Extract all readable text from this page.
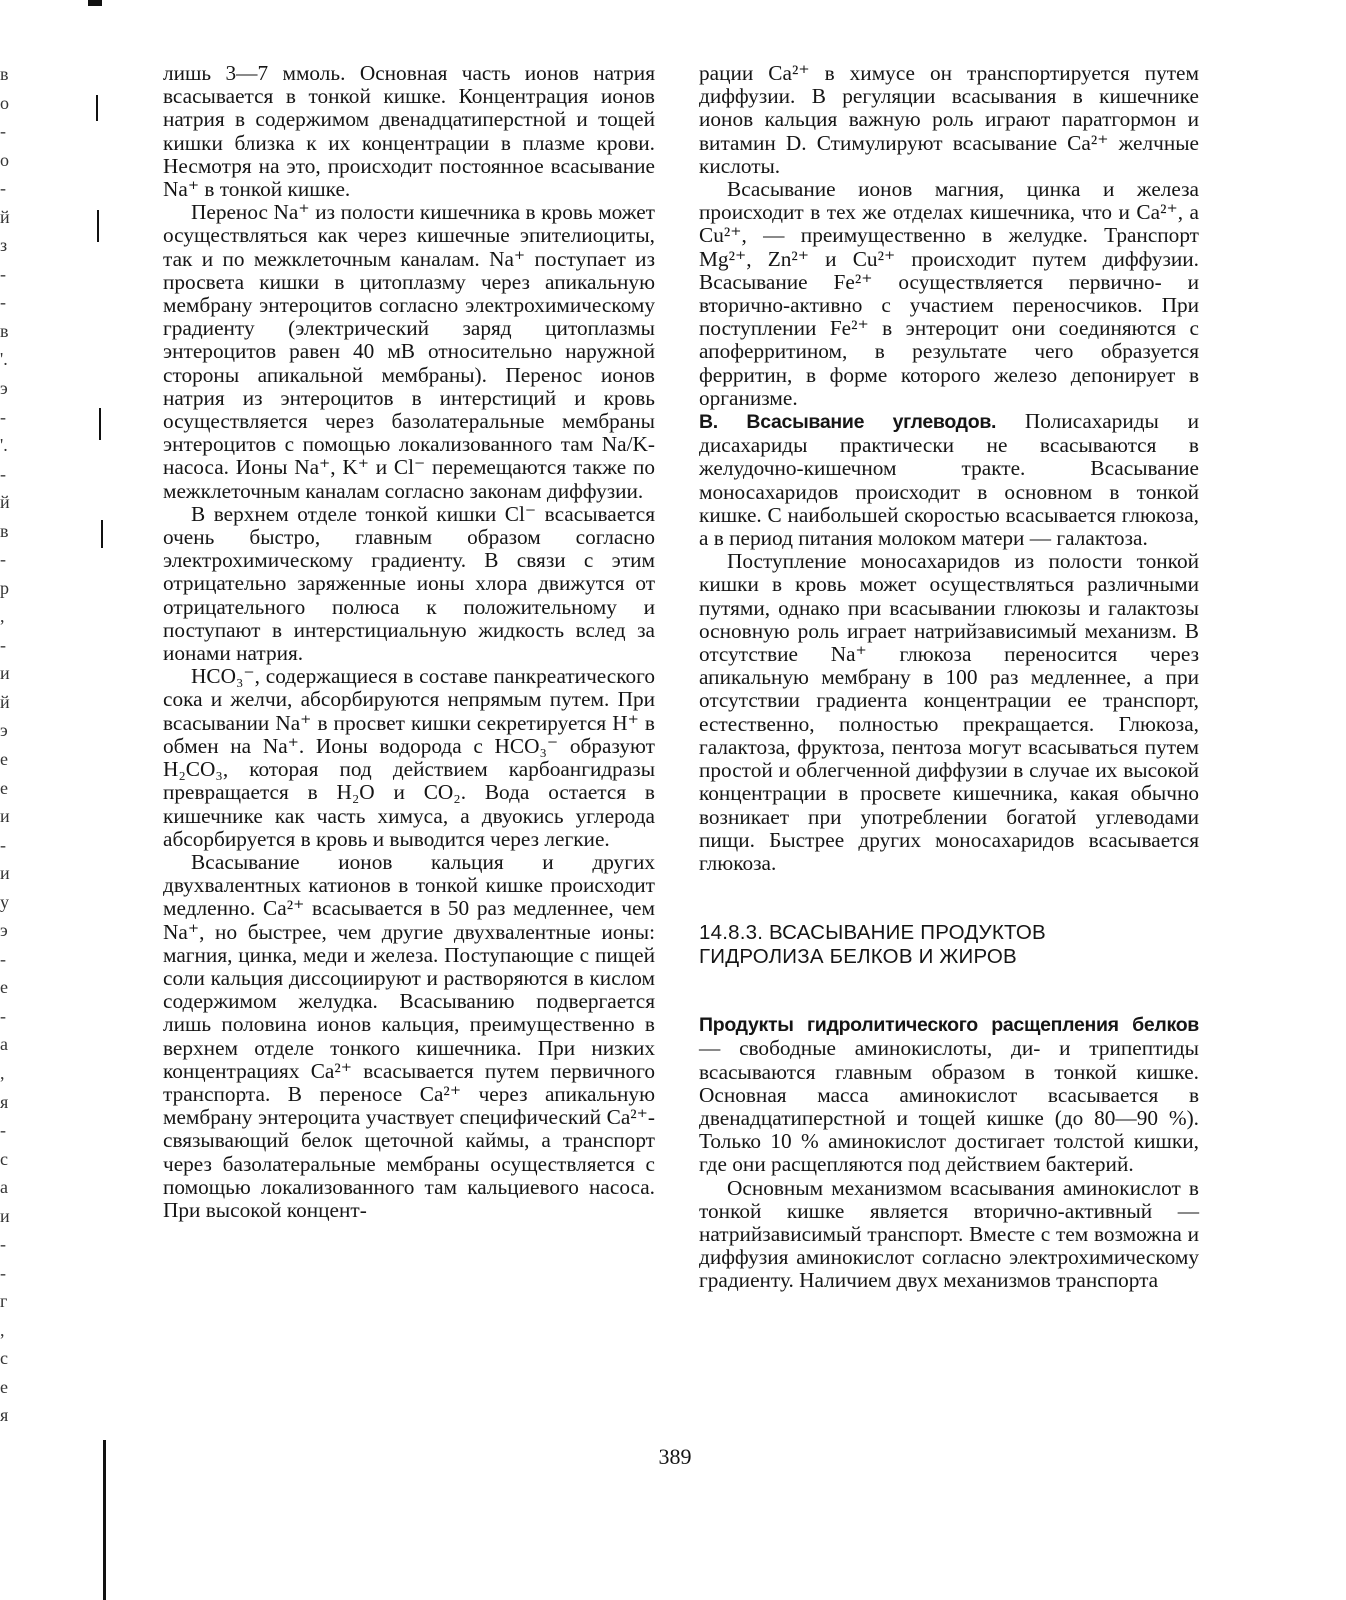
в
о
-
о
-
й
з
-
-
в
'.
э
-
'.
-
й
в
-
р
,
-
и
й
э
е
е
и
-
и
у
э
-
е
-
а
,
я
-
с
а
и
-
-
г
,
с
е
я

лишь 3—7 ммоль. Основная часть ионов натрия всасывается в тонкой кишке. Концентрация ионов натрия в содержимом двенадцатиперстной и тощей кишки близка к их концентрации в плазме крови. Несмотря на это, происходит постоянное всасывание Na⁺ в тонкой кишке.

Перенос Na⁺ из полости кишечника в кровь может осуществляться как через кишечные эпителиоциты, так и по межклеточным каналам. Na⁺ поступает из просвета кишки в цитоплазму через апикальную мембрану энтероцитов согласно электрохимическому градиенту (электрический заряд цитоплазмы энтероцитов равен 40 мВ относительно наружной стороны апикальной мембраны). Перенос ионов натрия из энтероцитов в интерстиций и кровь осуществляется через базолатеральные мембраны энтероцитов с помощью локализованного там Na/K-насоса. Ионы Na⁺, K⁺ и Cl⁻ перемещаются также по межклеточным каналам согласно законам диффузии.

В верхнем отделе тонкой кишки Cl⁻ всасывается очень быстро, главным образом согласно электрохимическому градиенту. В связи с этим отрицательно заряженные ионы хлора движутся от отрицательного полюса к положительному и поступают в интерстициальную жидкость вслед за ионами натрия.

HCO₃⁻, содержащиеся в составе панкреатического сока и желчи, абсорбируются непрямым путем. При всасывании Na⁺ в просвет кишки секретируется H⁺ в обмен на Na⁺. Ионы водорода с HCO₃⁻ образуют H₂CO₃, которая под действием карбоангидразы превращается в H₂O и CO₂. Вода остается в кишечнике как часть химуса, а двуокись углерода абсорбируется в кровь и выводится через легкие.

Всасывание ионов кальция и других двухвалентных катионов в тонкой кишке происходит медленно. Ca²⁺ всасывается в 50 раз медленнее, чем Na⁺, но быстрее, чем другие двухвалентные ионы: магния, цинка, меди и железа. Поступающие с пищей соли кальция диссоциируют и растворяются в кислом содержимом желудка. Всасыванию подвергается лишь половина ионов кальция, преимущественно в верхнем отделе тонкого кишечника. При низких концентрациях Ca²⁺ всасывается путем первичного транспорта. В переносе Ca²⁺ через апикальную мембрану энтероцита участвует специфический Ca²⁺-связывающий белок щеточной каймы, а транспорт через базолатеральные мембраны осуществляется с помощью локализованного там кальциевого насоса. При высокой концент-

рации Ca²⁺ в химусе он транспортируется путем диффузии. В регуляции всасывания в кишечнике ионов кальция важную роль играют паратгормон и витамин D. Стимулируют всасывание Ca²⁺ желчные кислоты.

Всасывание ионов магния, цинка и железа происходит в тех же отделах кишечника, что и Ca²⁺, а Cu²⁺, — преимущественно в желудке. Транспорт Mg²⁺, Zn²⁺ и Cu²⁺ происходит путем диффузии. Всасывание Fe²⁺ осуществляется первично- и вторично-активно с участием переносчиков. При поступлении Fe²⁺ в энтероцит они соединяются с апоферритином, в результате чего образуется ферритин, в форме которого железо депонирует в организме.

В. Всасывание углеводов. Полисахариды и дисахариды практически не всасываются в желудочно-кишечном тракте. Всасывание моносахаридов происходит в основном в тонкой кишке. С наибольшей скоростью всасывается глюкоза, а в период питания молоком матери — галактоза.

Поступление моносахаридов из полости тонкой кишки в кровь может осуществляться различными путями, однако при всасывании глюкозы и галактозы основную роль играет натрийзависимый механизм. В отсутствие Na⁺ глюкоза переносится через апикальную мембрану в 100 раз медленнее, а при отсутствии градиента концентрации ее транспорт, естественно, полностью прекращается. Глюкоза, галактоза, фруктоза, пентоза могут всасываться путем простой и облегченной диффузии в случае их высокой концентрации в просвете кишечника, какая обычно возникает при употреблении богатой углеводами пищи. Быстрее других моносахаридов всасывается глюкоза.

14.8.3. ВСАСЫВАНИЕ ПРОДУКТОВ
ГИДРОЛИЗА БЕЛКОВ И ЖИРОВ

Продукты гидролитического расщепления белков — свободные аминокислоты, ди- и трипептиды всасываются главным образом в тонкой кишке. Основная масса аминокислот всасывается в двенадцатиперстной и тощей кишке (до 80—90 %). Только 10 % аминокислот достигает толстой кишки, где они расщепляются под действием бактерий.

Основным механизмом всасывания аминокислот в тонкой кишке является вторично-активный — натрийзависимый транспорт. Вместе с тем возможна и диффузия аминокислот согласно электрохимическому градиенту. Наличием двух механизмов транспорта

389
